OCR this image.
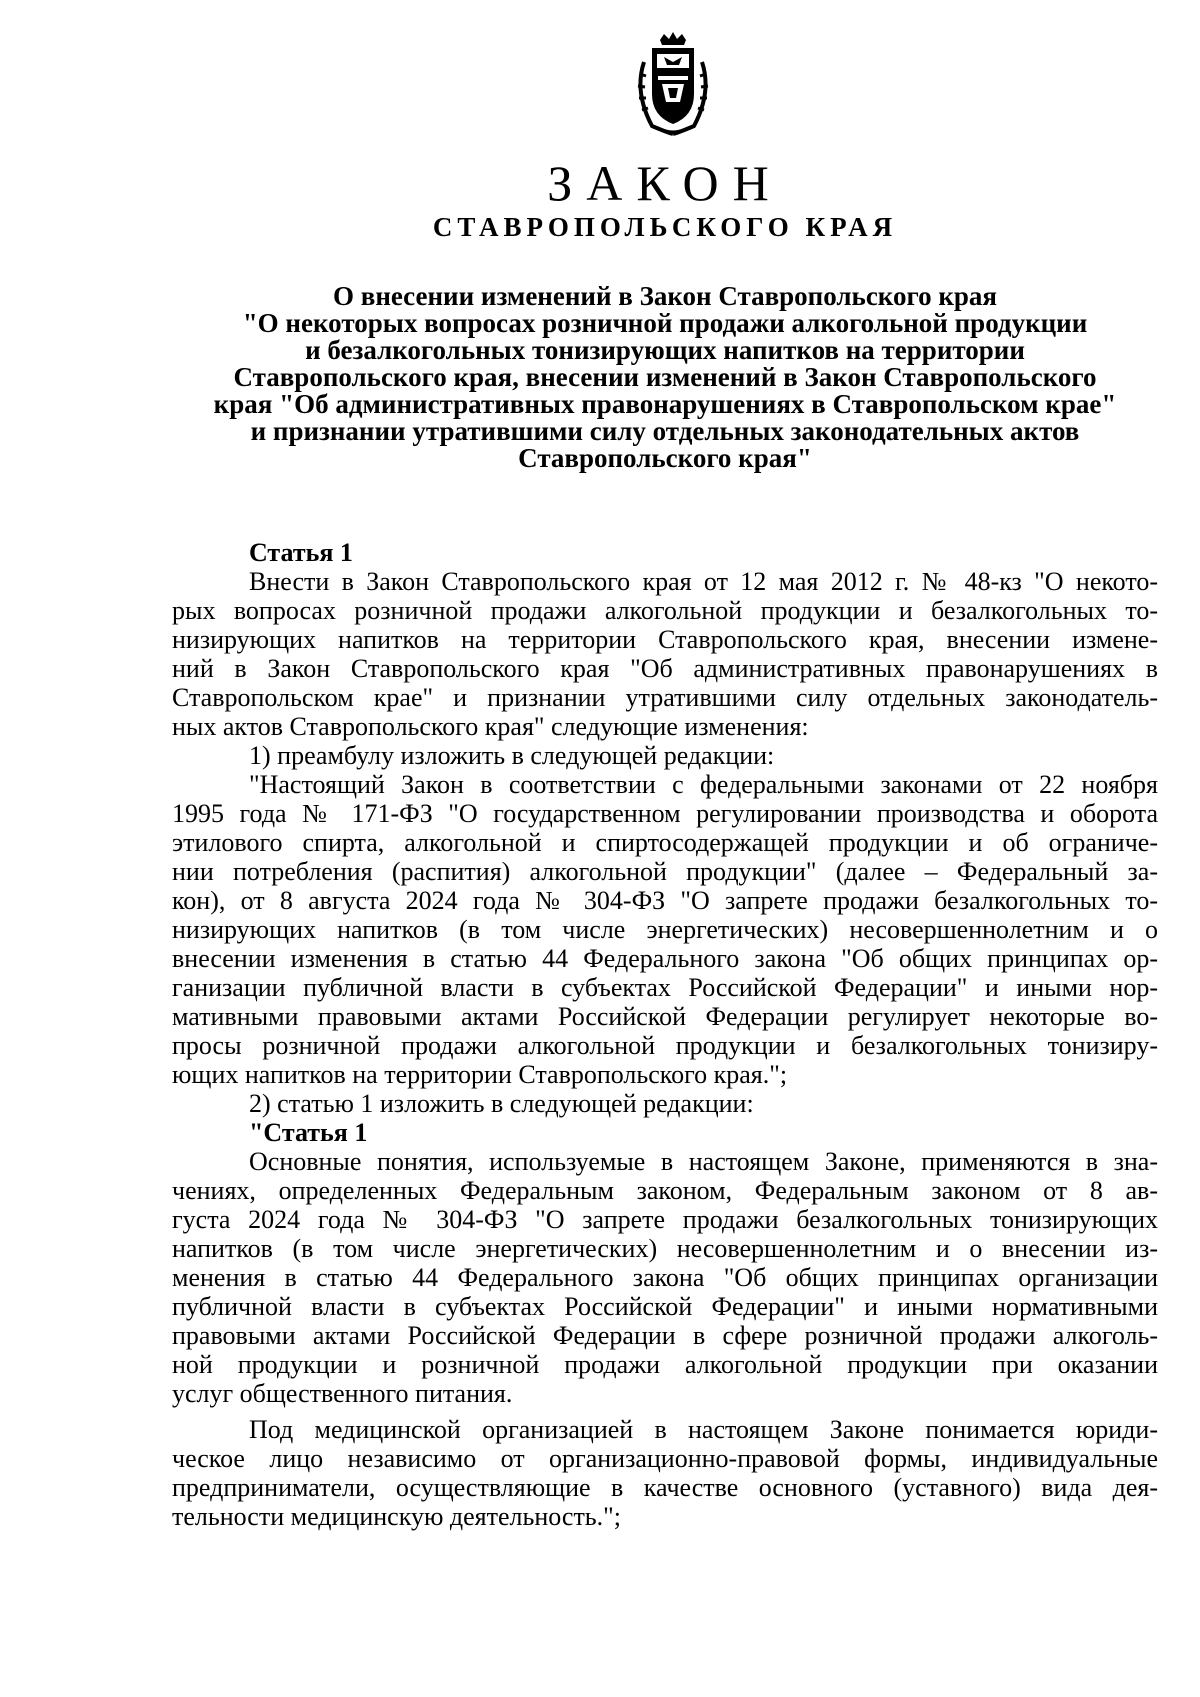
ЗАКОН
СТАВРОПОЛЬСКОГО КРАЯ
О внесении изменений в Закон Ставропольского края
"О некоторых вопросах розничной продажи алкогольной продукции
и безалкогольных тонизирующих напитков на территории
Ставропольского края, внесении изменений в Закон Ставропольского
края "Об административных правонарушениях в Ставропольском крае"
и признании утратившими силу отдельных законодательных актов
Ставропольского края"
Статья 1
Внести в Закон Ставропольского края от 12 мая 2012 г. № 48-кз "О некото-
рых вопросах розничной продажи алкогольной продукции и безалкогольных то-
низирующих напитков на территории Ставропольского края, внесении измене-
ний в Закон Ставропольского края "Об административных правонарушениях в
Ставропольском крае" и признании утратившими силу отдельных законодатель-
ных актов Ставропольского края" следующие изменения:
1) преамбулу изложить в следующей редакции:
"Настоящий Закон в соответствии с федеральными законами от 22 ноября
1995 года № 171-ФЗ "О государственном регулировании производства и оборота
этилового спирта, алкогольной и спиртосодержащей продукции и об ограниче-
нии потребления (распития) алкогольной продукции" (далее – Федеральный за-
кон), от 8 августа 2024 года № 304-ФЗ "О запрете продажи безалкогольных то-
низирующих напитков (в том числе энергетических) несовершеннолетним и о
внесении изменения в статью 44 Федерального закона "Об общих принципах ор-
ганизации публичной власти в субъектах Российской Федерации" и иными нор-
мативными правовыми актами Российской Федерации регулирует некоторые во-
просы розничной продажи алкогольной продукции и безалкогольных тонизиру-
ющих напитков на территории Ставропольского края.";
2) статью 1 изложить в следующей редакции:
"Статья 1
Основные понятия, используемые в настоящем Законе, применяются в зна-
чениях, определенных Федеральным законом, Федеральным законом от 8 ав-
густа 2024 года № 304-ФЗ "О запрете продажи безалкогольных тонизирующих
напитков (в том числе энергетических) несовершеннолетним и о внесении из-
менения в статью 44 Федерального закона "Об общих принципах организации
публичной власти в субъектах Российской Федерации" и иными нормативными
правовыми актами Российской Федерации в сфере розничной продажи алкоголь-
ной продукции и розничной продажи алкогольной продукции при оказании
услуг общественного питания.
Под медицинской организацией в настоящем Законе понимается юриди-
ческое лицо независимо от организационно-правовой формы, индивидуальные
предприниматели, осуществляющие в качестве основного (уставного) вида дея-
тельности медицинскую деятельность.";
